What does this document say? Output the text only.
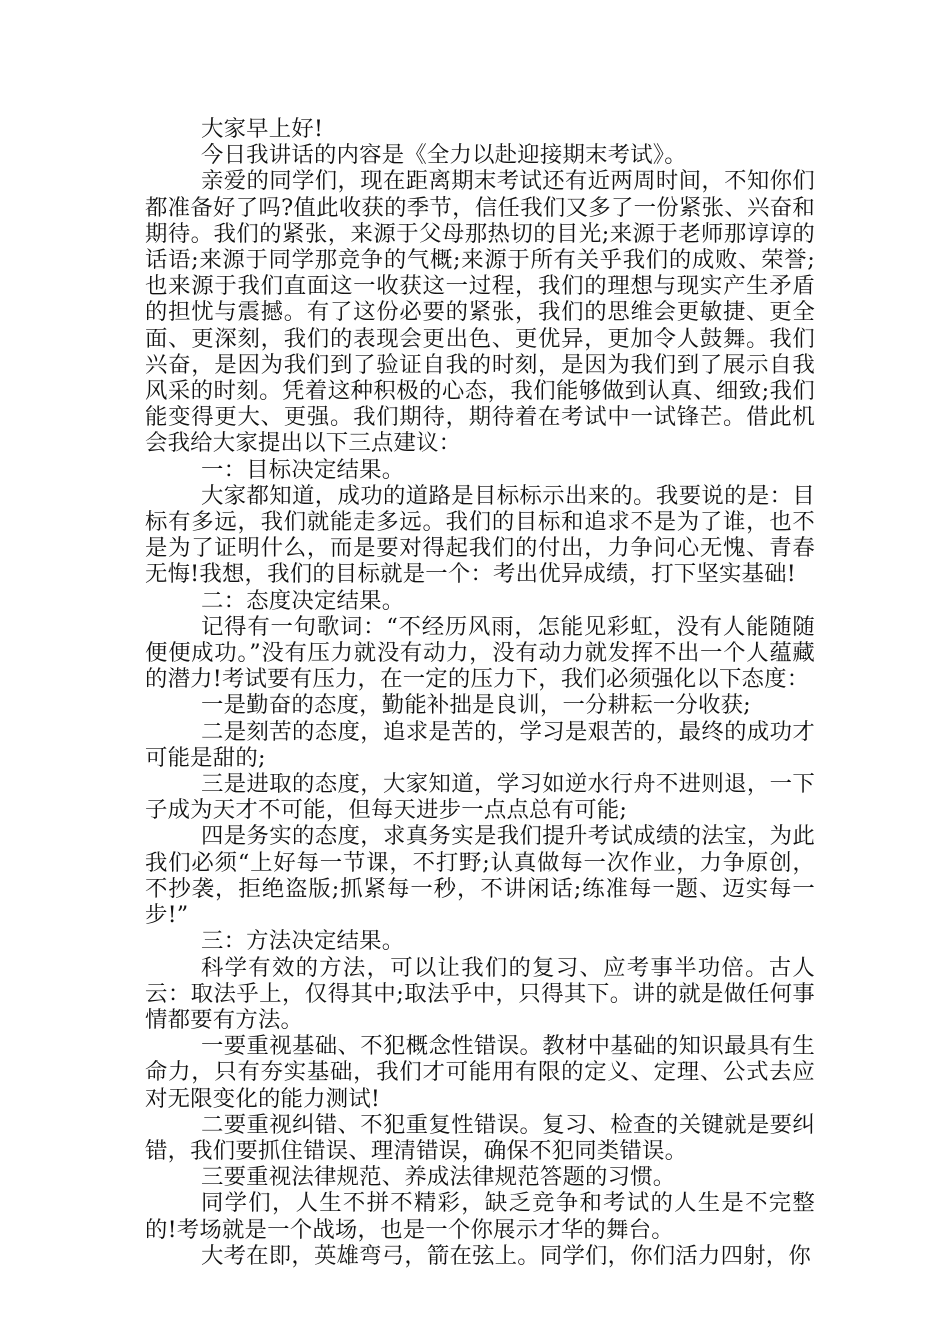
大家早上好!

今日我讲话的内容是《全力以赴迎接期末考试》。

亲爱的同学们，现在距离期末考试还有近两周时间，不知你们都准备好了吗?值此收获的季节，信任我们又多了一份紧张、兴奋和期待。我们的紧张，来源于父母那热切的目光;来源于老师那谆谆的话语;来源于同学那竞争的气概;来源于所有关乎我们的成败、荣誉;也来源于我们直面这一收获这一过程，我们的理想与现实产生矛盾的担忧与震撼。有了这份必要的紧张，我们的思维会更敏捷、更全面、更深刻，我们的表现会更出色、更优异，更加令人鼓舞。我们兴奋，是因为我们到了验证自我的时刻，是因为我们到了展示自我风采的时刻。凭着这种积极的心态，我们能够做到认真、细致;我们能变得更大、更强。我们期待，期待着在考试中一试锋芒。借此机会我给大家提出以下三点建议：

一：目标决定结果。

大家都知道，成功的道路是目标标示出来的。我要说的是：目标有多远，我们就能走多远。我们的目标和追求不是为了谁，也不是为了证明什么，而是要对得起我们的付出，力争问心无愧、青春无悔!我想，我们的目标就是一个：考出优异成绩，打下坚实基础!

二：态度决定结果。

记得有一句歌词：“不经历风雨，怎能见彩虹，没有人能随随便便成功。”没有压力就没有动力，没有动力就发挥不出一个人蕴藏的潜力!考试要有压力，在一定的压力下，我们必须强化以下态度：

一是勤奋的态度，勤能补拙是良训，一分耕耘一分收获;

二是刻苦的态度，追求是苦的，学习是艰苦的，最终的成功才可能是甜的;

三是进取的态度，大家知道，学习如逆水行舟不进则退，一下子成为天才不可能，但每天进步一点点总有可能;

四是务实的态度，求真务实是我们提升考试成绩的法宝，为此我们必须“上好每一节课，不打野;认真做每一次作业，力争原创，不抄袭，拒绝盗版;抓紧每一秒，不讲闲话;练准每一题、迈实每一步!”

三：方法决定结果。

科学有效的方法，可以让我们的复习、应考事半功倍。古人云：取法乎上，仅得其中;取法乎中，只得其下。讲的就是做任何事情都要有方法。

一要重视基础、不犯概念性错误。教材中基础的知识最具有生命力，只有夯实基础，我们才可能用有限的定义、定理、公式去应对无限变化的能力测试!

二要重视纠错、不犯重复性错误。复习、检查的关键就是要纠错，我们要抓住错误、理清错误，确保不犯同类错误。

三要重视法律规范、养成法律规范答题的习惯。

同学们，人生不拼不精彩，缺乏竞争和考试的人生是不完整的!考场就是一个战场，也是一个你展示才华的舞台。

大考在即，英雄弯弓，箭在弦上。同学们，你们活力四射，你
